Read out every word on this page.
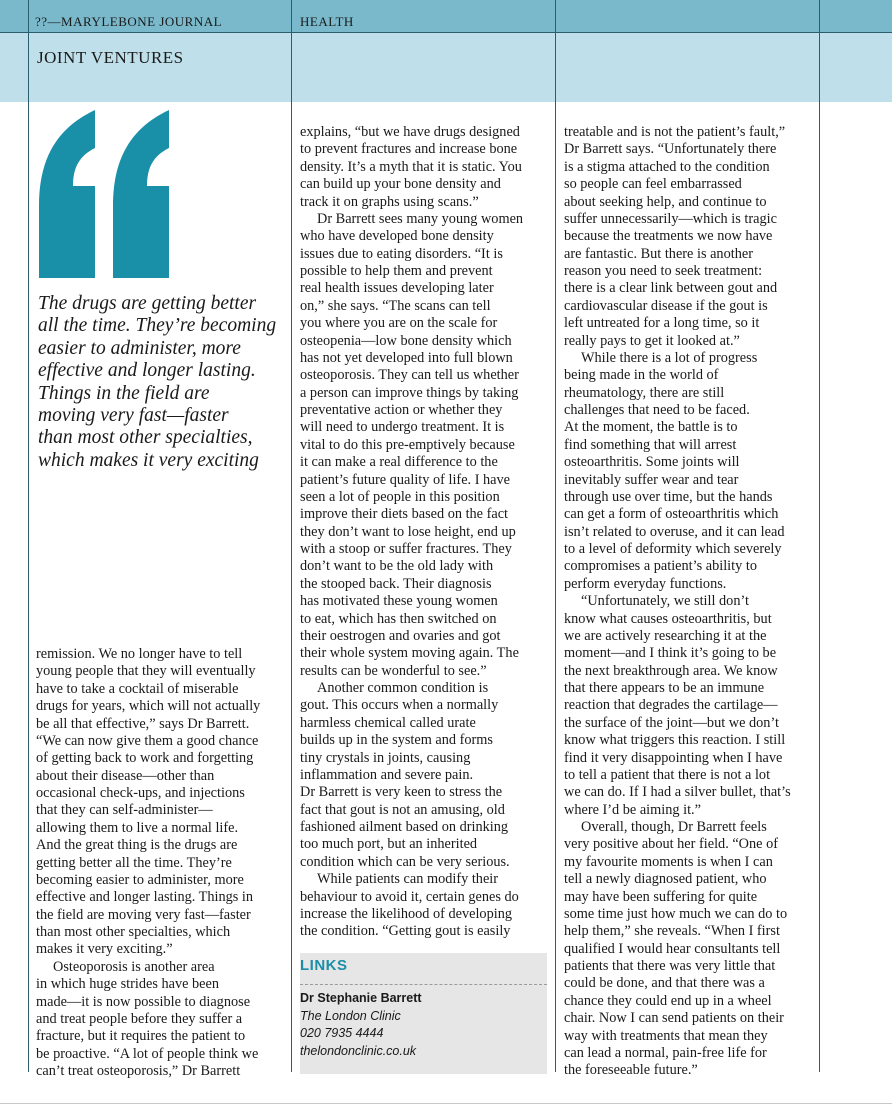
??—MARYLEBONE JOURNAL	HEALTH
JOINT VENTURES

The drugs are getting better

all the time. They’re becoming

easier to administer, more

effective and longer lasting.

Things in the field are

moving very fast—faster

than most other specialties,

which makes it very exciting

remission. We no longer have to tell

young people that they will eventually

have to take a cocktail of miserable

drugs for years, which will not actually

be all that effective,” says Dr Barrett.

“We can now give them a good chance

of getting back to work and forgetting

about their disease—other than

occasional check-ups, and injections

that they can self-administer—

allowing them to live a normal life.

And the great thing is the drugs are

getting better all the time. They’re

becoming easier to administer, more

effective and longer lasting. Things in

the field are moving very fast—faster

than most other specialties, which

makes it very exciting.”

Osteoporosis is another area

in which huge strides have been

made—it is now possible to diagnose

and treat people before they suffer a

fracture, but it requires the patient to

be proactive. “A lot of people think we

can’t treat osteoporosis,” Dr Barrett

explains, “but we have drugs designed

to prevent fractures and increase bone

density. It’s a myth that it is static. You

can build up your bone density and

track it on graphs using scans.”

Dr Barrett sees many young women

who have developed bone density

issues due to eating disorders. “It is

possible to help them and prevent

real health issues developing later

on,” she says. “The scans can tell

you where you are on the scale for

osteopenia—low bone density which

has not yet developed into full blown

osteoporosis. They can tell us whether

a person can improve things by taking

preventative action or whether they

will need to undergo treatment. It is

vital to do this pre-emptively because

it can make a real difference to the

patient’s future quality of life. I have

seen a lot of people in this position

improve their diets based on the fact

they don’t want to lose height, end up

with a stoop or suffer fractures. They

don’t want to be the old lady with

the stooped back. Their diagnosis

has motivated these young women

to eat, which has then switched on

their oestrogen and ovaries and got

their whole system moving again. The

results can be wonderful to see.”

Another common condition is

gout. This occurs when a normally

harmless chemical called urate

builds up in the system and forms

tiny crystals in joints, causing

inflammation and severe pain.

Dr Barrett is very keen to stress the

fact that gout is not an amusing, old

fashioned ailment based on drinking

too much port, but an inherited

condition which can be very serious.

While patients can modify their

behaviour to avoid it, certain genes do

increase the likelihood of developing

the condition. “Getting gout is easily

treatable and is not the patient’s fault,”

Dr Barrett says. “Unfortunately there

is a stigma attached to the condition

so people can feel embarrassed

about seeking help, and continue to

suffer unnecessarily—which is tragic

because the treatments we now have

are fantastic. But there is another

reason you need to seek treatment:

there is a clear link between gout and

cardiovascular disease if the gout is

left untreated for a long time, so it

really pays to get it looked at.”

While there is a lot of progress

being made in the world of

rheumatology, there are still

challenges that need to be faced.

At the moment, the battle is to

find something that will arrest

osteoarthritis. Some joints will

inevitably suffer wear and tear

through use over time, but the hands

can get a form of osteoarthritis which

isn’t related to overuse, and it can lead

to a level of deformity which severely

compromises a patient’s ability to

perform everyday functions.

“Unfortunately, we still don’t

know what causes osteoarthritis, but

we are actively researching it at the

moment—and I think it’s going to be

the next breakthrough area. We know

that there appears to be an immune

reaction that degrades the cartilage—

the surface of the joint—but we don’t

know what triggers this reaction. I still

find it very disappointing when I have

to tell a patient that there is not a lot

we can do. If I had a silver bullet, that’s

where I’d be aiming it.”

Overall, though, Dr Barrett feels

very positive about her field. “One of

my favourite moments is when I can

tell a newly diagnosed patient, who

may have been suffering for quite

some time just how much we can do to

help them,” she reveals. “When I first

qualified I would hear consultants tell

patients that there was very little that

could be done, and that there was a

chance they could end up in a wheel

chair. Now I can send patients on their

way with treatments that mean they

can lead a normal, pain-free life for

the foreseeable future.”

LINKS
Dr Stephanie Barrett
The London Clinic
020 7935 4444
thelondonclinic.co.uk
